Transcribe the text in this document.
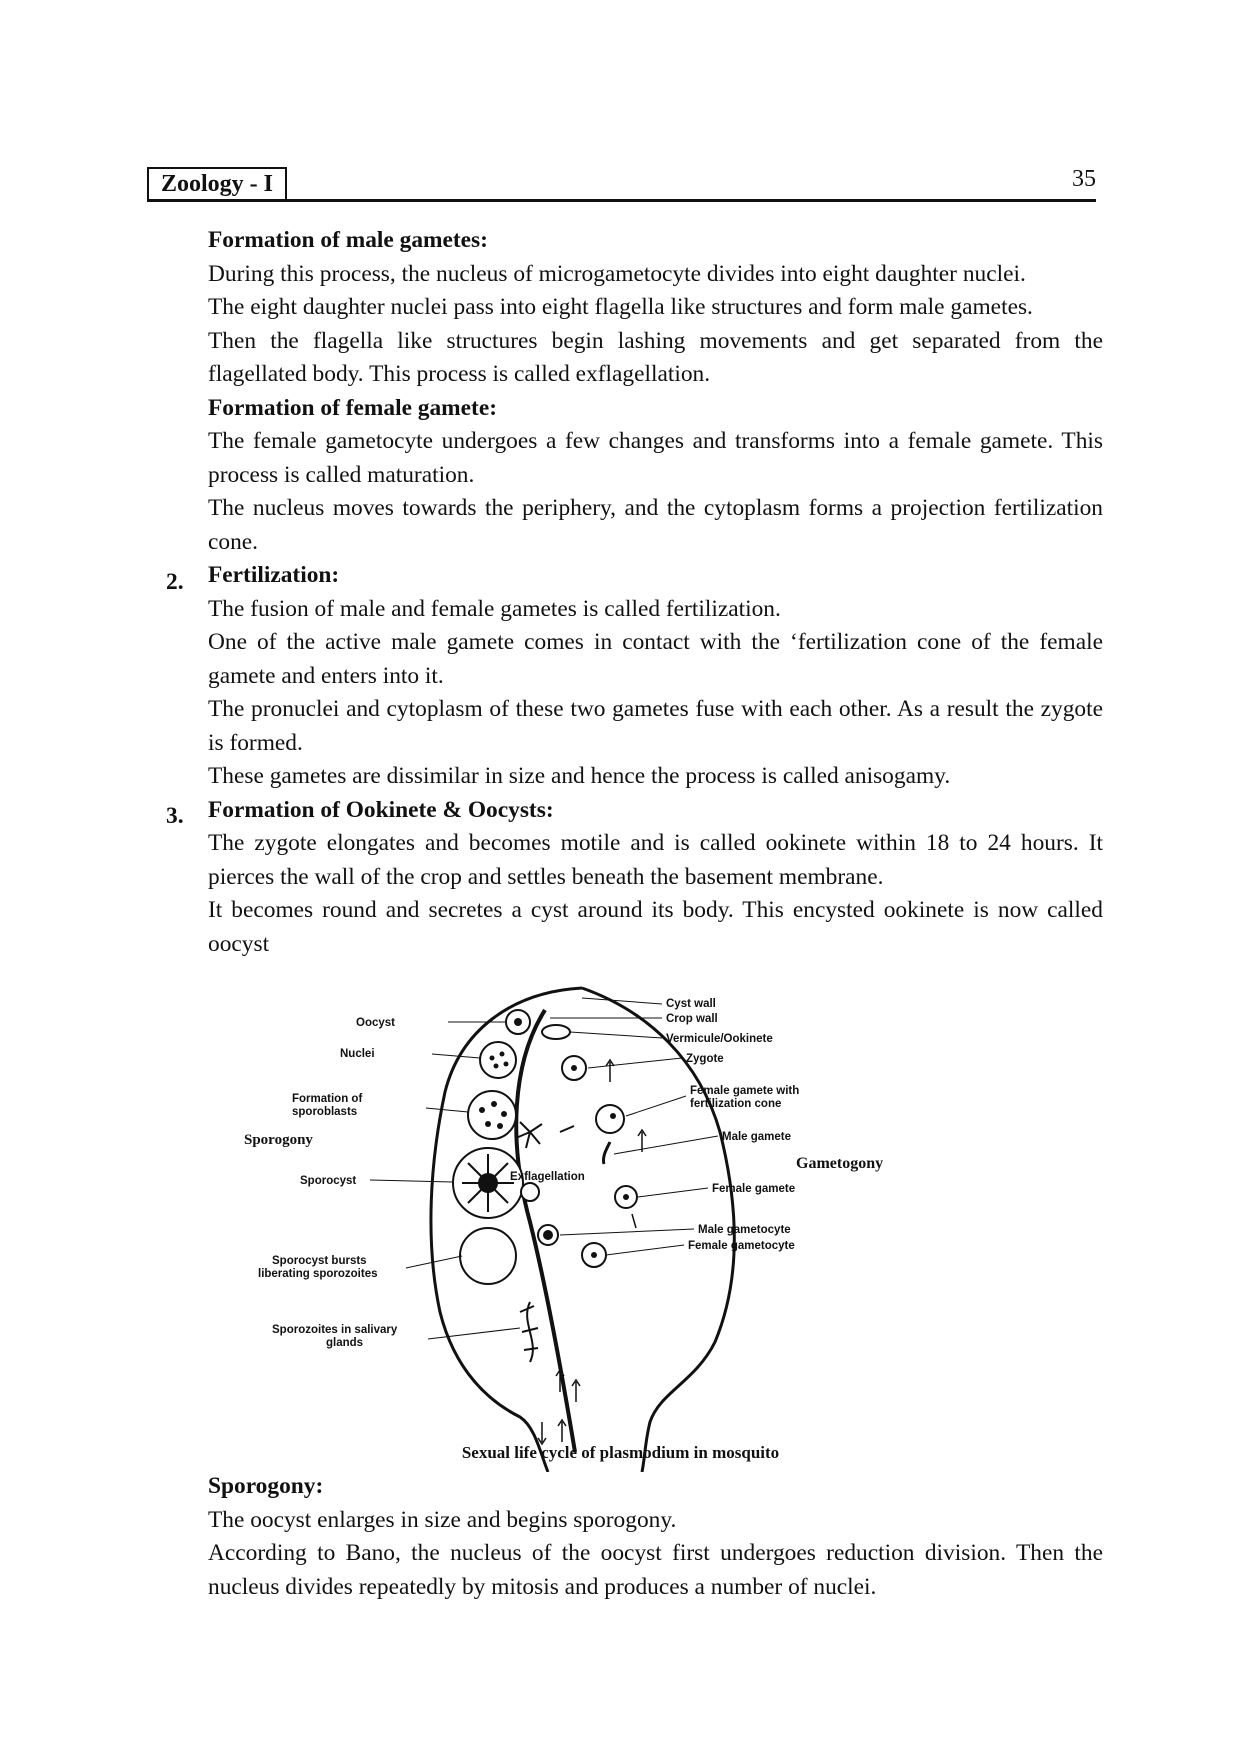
Zoology - I	35

Formation of male gametes:

During this process, the nucleus of microgametocyte divides into eight daughter nuclei.

The eight daughter nuclei pass into eight flagella like structures and form male gametes.

Then the flagella like structures begin lashing movements and get separated from the flagellated body. This process is called exflagellation.

Formation of female gamete:

The female gametocyte undergoes a few changes and transforms into a female gamete. This process is called maturation.

The nucleus moves towards the periphery, and the cytoplasm forms a projection fertilization cone.

Fertilization:

The fusion of male and female gametes is called fertilization.

One of the active male gamete comes in contact with the ‘fertilization cone of the female gamete and enters into it.

The pronuclei and cytoplasm of these two gametes fuse with each other. As a result the zygote is formed.

These gametes are dissimilar in size and hence the process is called anisogamy.

Formation of Ookinete & Oocysts:

The zygote elongates and becomes motile and is called ookinete within 18 to 24 hours. It pierces the wall of the crop and settles beneath the basement membrane.

It becomes round and secretes a cyst around its body. This encysted ookinete is now called oocyst

2.
3.
Oocyst
Nuclei
Formation of
sporoblasts
Sporocyst
Sporocyst bursts
liberating sporozoites
Sporozoites in salivary
glands
Cyst wall
Crop wall
Vermicule/Ookinete
Zygote
Female gamete with
fertilization cone
Male gamete
Female gamete
Male gametocyte
Female gametocyte
Exflagellation
Sporogony
Gametogony
Sexual life cycle of plasmodium in mosquito

Sporogony:

The oocyst enlarges in size and begins sporogony.

According to Bano, the nucleus of the oocyst first undergoes reduction division. Then the nucleus divides repeatedly by mitosis and produces a number of nuclei.
